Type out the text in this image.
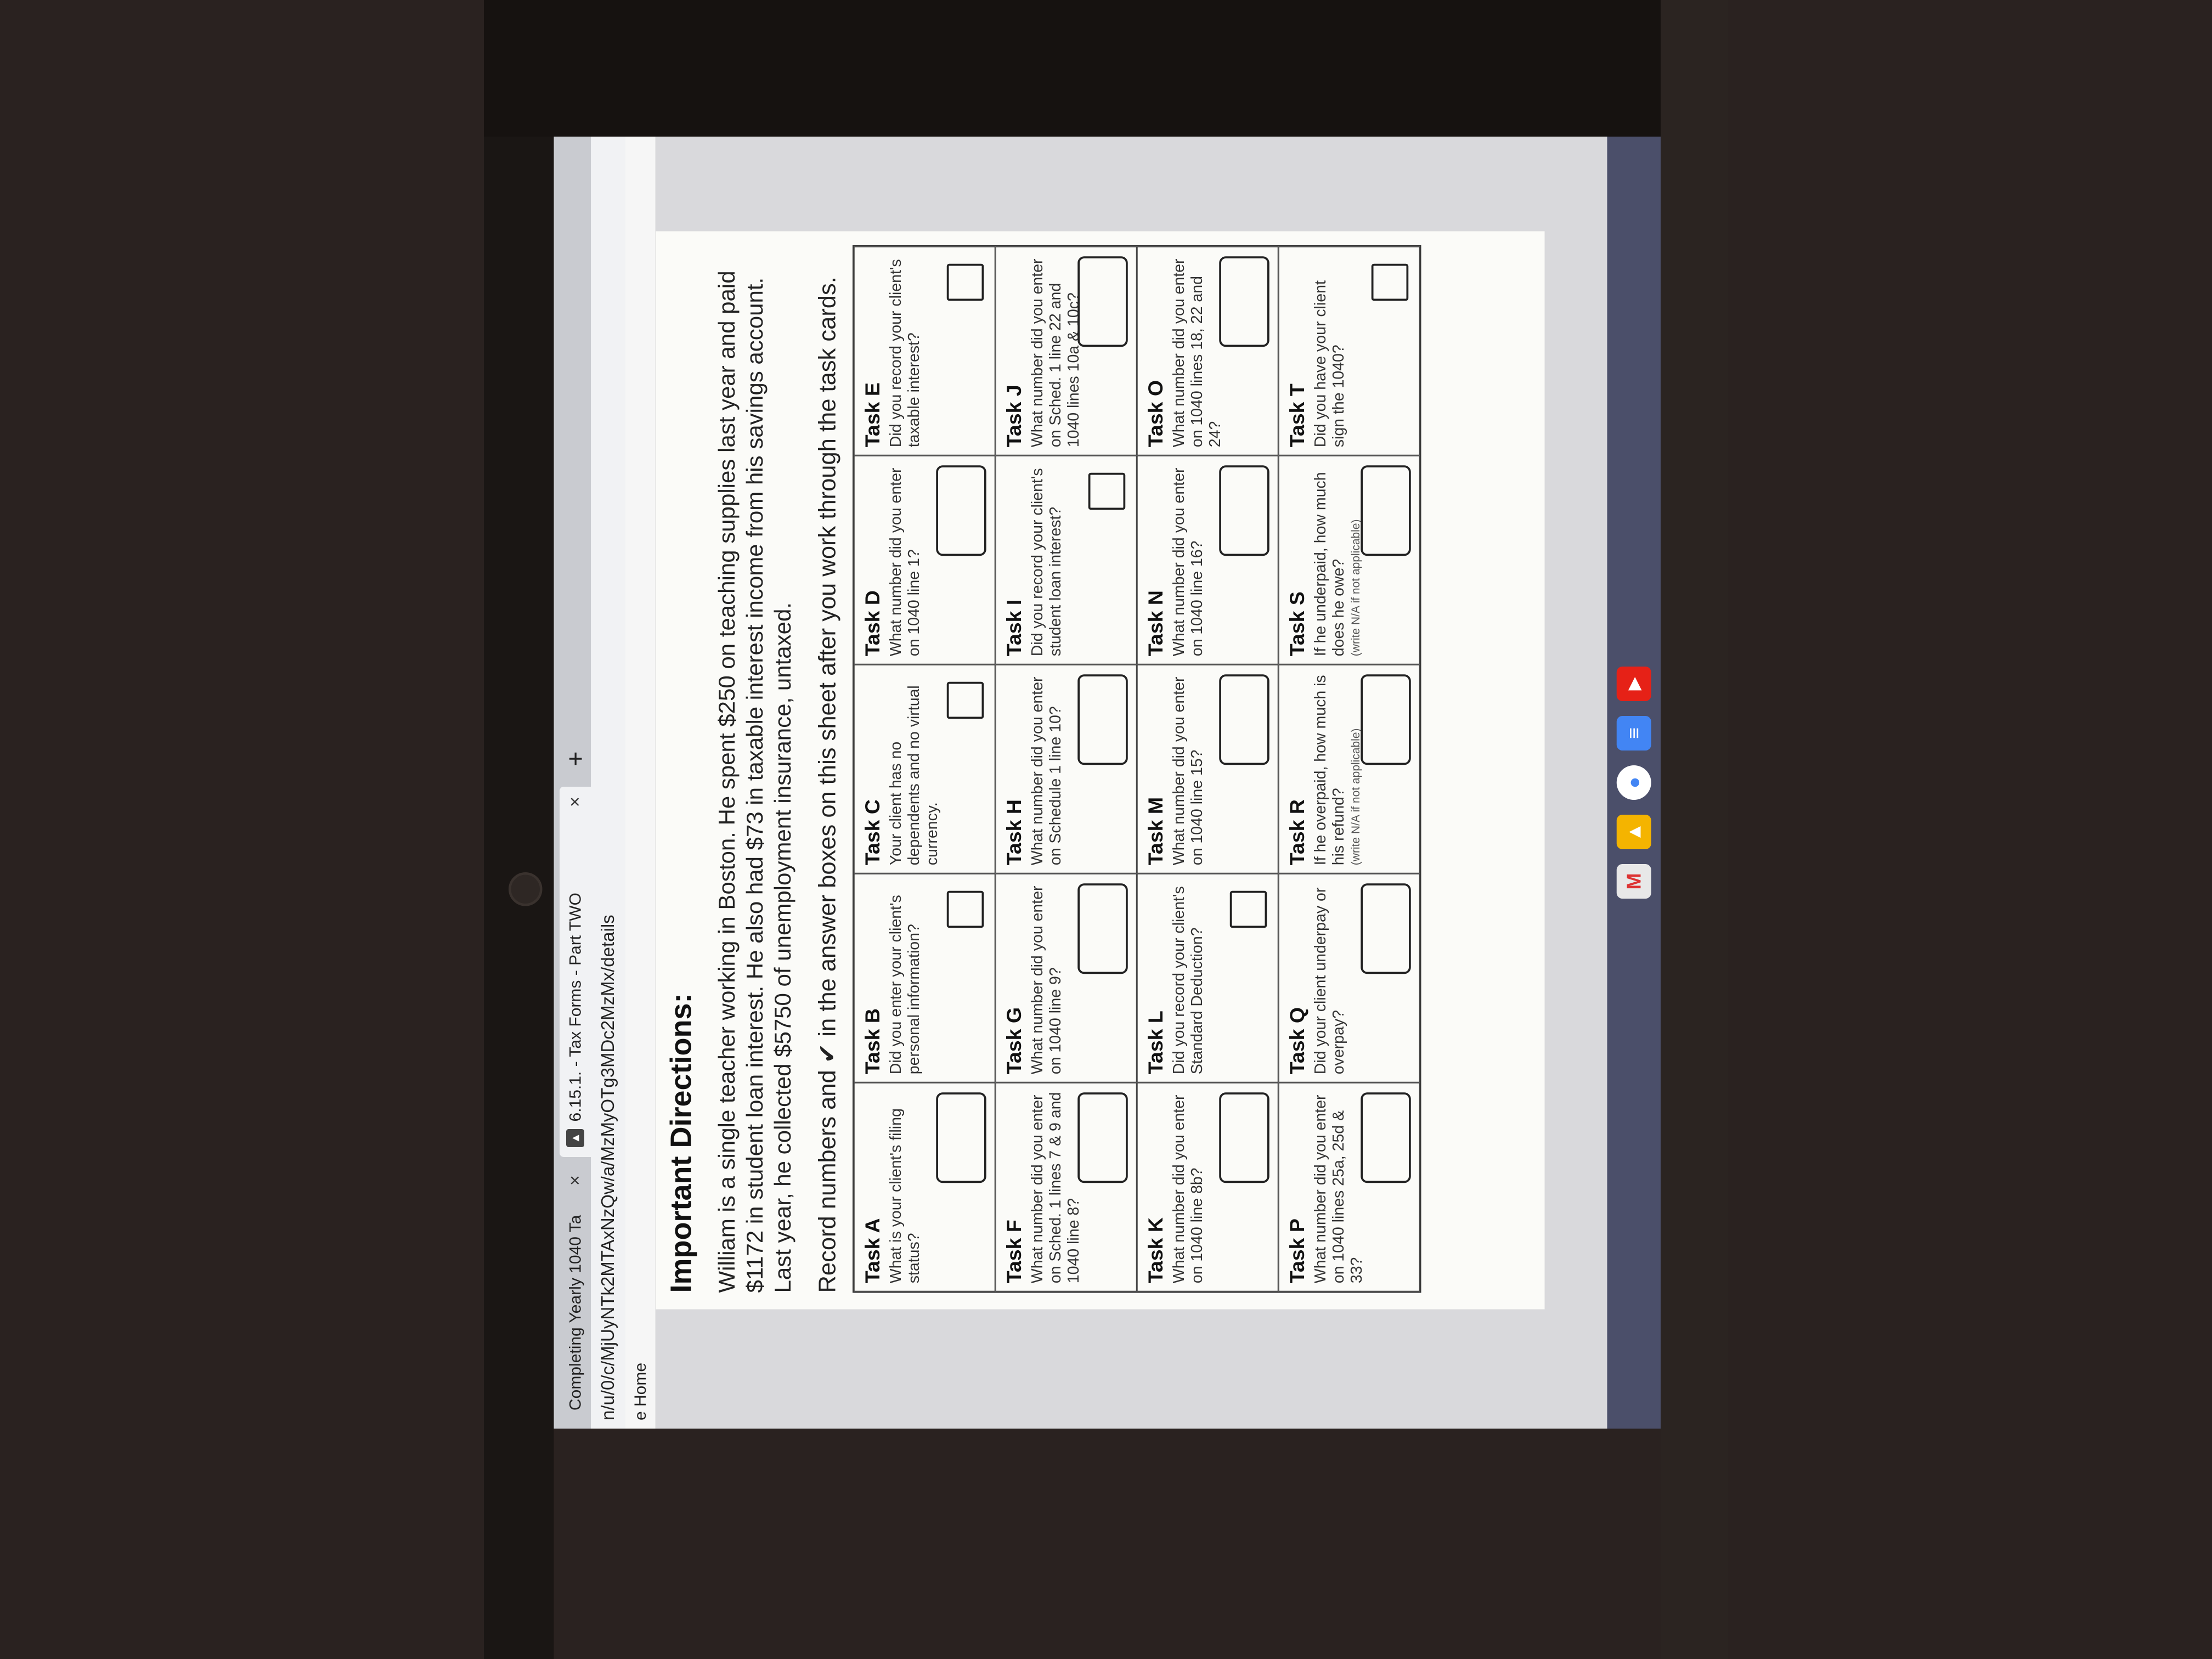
Completing Yearly 1040 Ta
×
▲
6.15.1. - Tax Forms - Part TWO
×
+
n/u/0/c/MjUyNTk2MTAxNzQw/a/MzMyOTg3MDc2MzMx/details e Home
Important Directions: William is a single teacher working in Boston. He spent $250 on teaching supplies last year and paid $1172 in student loan interest. He also had $73 in taxable interest income from his savings account. Last year, he collected $5750 of unemployment insurance, untaxed. Record numbers and ✔ in the answer boxes on this sheet after you work through the task cards. Task A What is your client's filing status?
Task B Did you enter your client's personal information?
Task C Your client has no dependents and no virtual currency.
Task D What number did you enter on 1040 line 1?
Task E Did you record your client's taxable interest?
Task F What number did you enter on Sched. 1 lines 7 & 9 and 1040 line 8?
Task G What number did you enter on 1040 line 9?
Task H What number did you enter on Schedule 1 line 10?
Task I Did you record your client's student loan interest?
Task J What number did you enter on Sched. 1 line 22 and 1040 lines 10a & 10c?
Task K What number did you enter on 1040 line 8b?
Task L Did you record your client's Standard Deduction?
Task M What number did you enter on 1040 line 15?
Task N What number did you enter on 1040 line 16?
Task O What number did you enter on 1040 lines 18, 22 and 24?
Task P What number did you enter on 1040 lines 25a, 25d & 33?
Task Q Did your client underpay or overpay?
Task R If he overpaid, how much is his refund? (write N/A if not applicable)
Task S If he underpaid, how much does he owe? (write N/A if not applicable)
Task T Did you have your client sign the 1040?
M
▲
●
≡
▶
